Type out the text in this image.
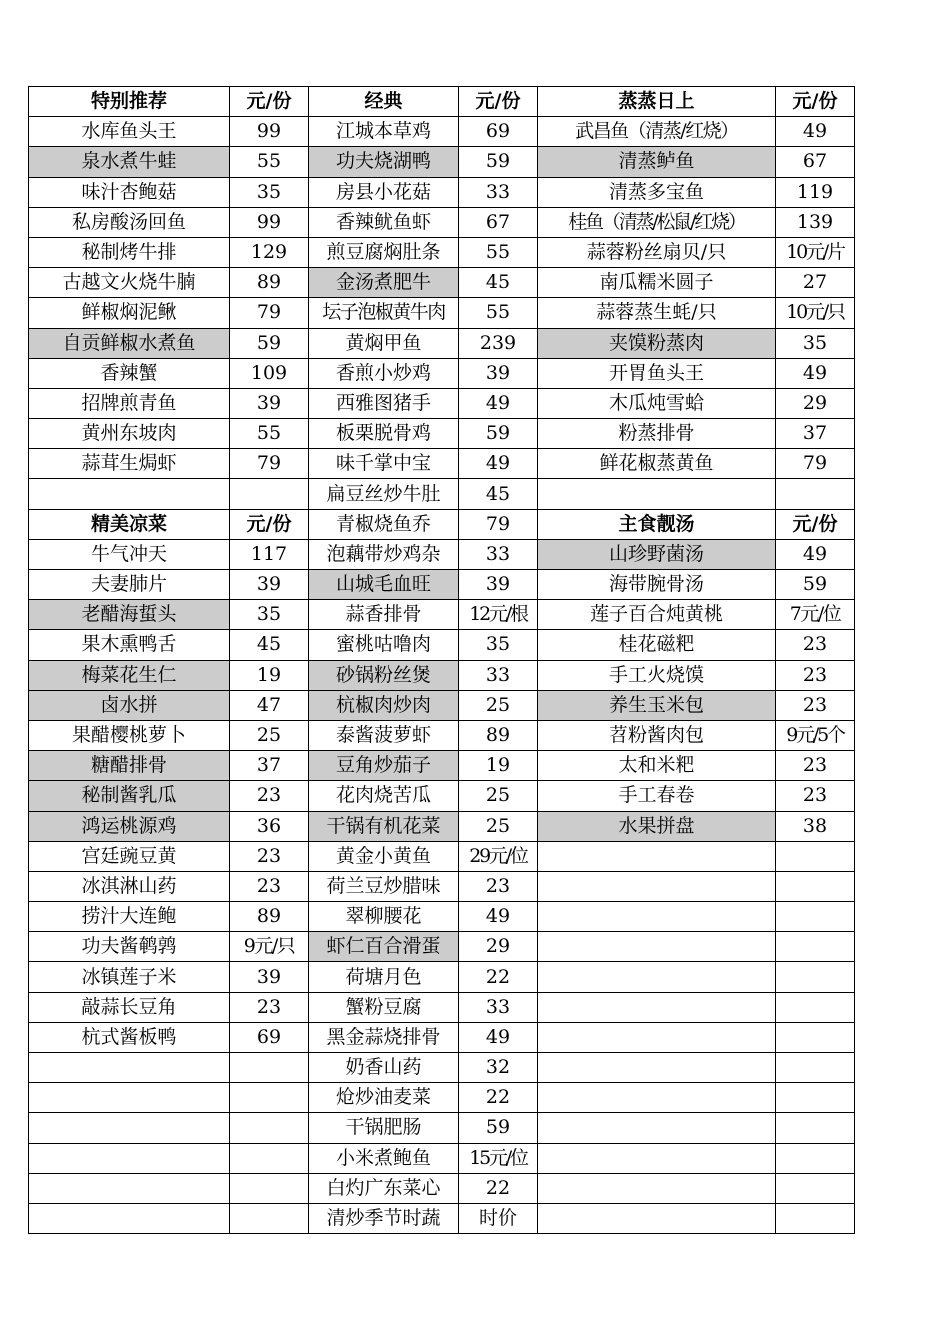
特别推荐	元/份	经典	元/份	蒸蒸日上	元/份
水库鱼头王	99	江城本草鸡	69	武昌鱼（清蒸/红烧）	49
泉水煮牛蛙	55	功夫烧湖鸭	59	清蒸鲈鱼	67
味汁杏鲍菇	35	房县小花菇	33	清蒸多宝鱼	119
私房酸汤回鱼	99	香辣鱿鱼虾	67	桂鱼（清蒸/松鼠/红烧）	139
秘制烤牛排	129	煎豆腐焖肚条	55	蒜蓉粉丝扇贝/只	10元/片
古越文火烧牛腩	89	金汤煮肥牛	45	南瓜糯米圆子	27
鲜椒焖泥鳅	79	坛子泡椒黄牛肉	55	蒜蓉蒸生蚝/只	10元/只
自贡鲜椒水煮鱼	59	黄焖甲鱼	239	夹馍粉蒸肉	35
香辣蟹	109	香煎小炒鸡	39	开胃鱼头王	49
招牌煎青鱼	39	西雅图猪手	49	木瓜炖雪蛤	29
黄州东坡肉	55	板栗脱骨鸡	59	粉蒸排骨	37
蒜茸生焗虾	79	味千掌中宝	49	鲜花椒蒸黄鱼	79
		扁豆丝炒牛肚	45		
精美凉菜	元/份	青椒烧鱼乔	79	主食靓汤	元/份
牛气冲天	117	泡藕带炒鸡杂	33	山珍野菌汤	49
夫妻肺片	39	山城毛血旺	39	海带腕骨汤	59
老醋海蜇头	35	蒜香排骨	12元/根	莲子百合炖黄桃	7元/位
果木熏鸭舌	45	蜜桃咕噜肉	35	桂花磁粑	23
梅菜花生仁	19	砂锅粉丝煲	33	手工火烧馍	23
卤水拼	47	杭椒肉炒肉	25	养生玉米包	23
果醋樱桃萝卜	25	泰酱菠萝虾	89	苕粉酱肉包	9元/5个
糖醋排骨	37	豆角炒茄子	19	太和米粑	23
秘制酱乳瓜	23	花肉烧苦瓜	25	手工春卷	23
鸿运桃源鸡	36	干锅有机花菜	25	水果拼盘	38
宫廷豌豆黄	23	黄金小黄鱼	29元/位		
冰淇淋山药	23	荷兰豆炒腊味	23		
捞汁大连鲍	89	翠柳腰花	49		
功夫酱鹌鹑	9元/只	虾仁百合滑蛋	29		
冰镇莲子米	39	荷塘月色	22		
敲蒜长豆角	23	蟹粉豆腐	33		
杭式酱板鸭	69	黑金蒜烧排骨	49		
		奶香山药	32		
		炝炒油麦菜	22		
		干锅肥肠	59		
		小米煮鲍鱼	15元/位		
		白灼广东菜心	22		
		清炒季节时蔬	时价		
